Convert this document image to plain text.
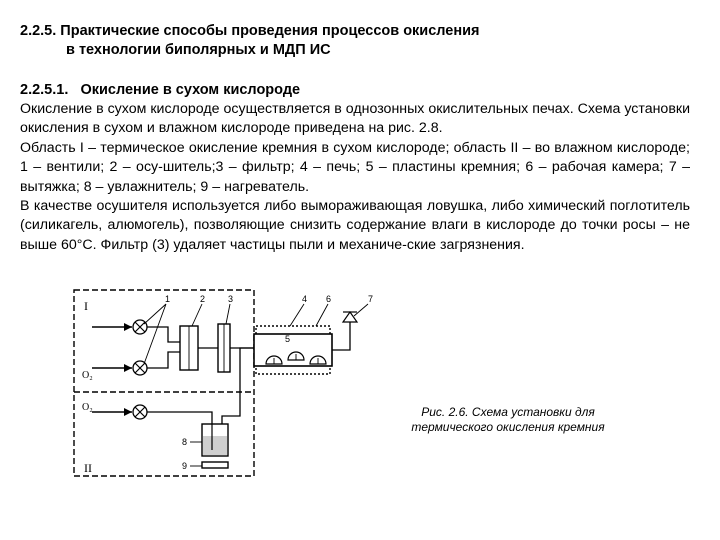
2.2.5. Практические способы проведения процессов окисления
в технологии биполярных и МДП ИС
2.2.5.1.   Окисление в сухом кислороде

Окисление в сухом кислороде осуществляется в однозонных окислительных печах. Схема установки окисления в сухом и влажном кислороде приведена на рис. 2.8.

Область I – термическое окисление кремния в сухом кислороде; область II – во влажном кислороде; 1 – вентили; 2 – осу-шитель;3 – фильтр; 4 – печь; 5 – пластины кремния; 6 – рабочая камера; 7 – вытяжка; 8 – увлажнитель; 9 – нагреватель.

В качестве осушителя используется либо вымораживающая ловушка, либо химический поглотитель (силикагель, алюмогель), позволяющие снизить содержание влаги в кислороде до точки росы – не выше 60°С. Фильтр (3) удаляет частицы пыли и механиче-ские загрязнения.

I
II
O₂
O₂
1	2	3	4
5
6	7
8
9
Рис. 2.6. Схема установки для термического окисления кремния
